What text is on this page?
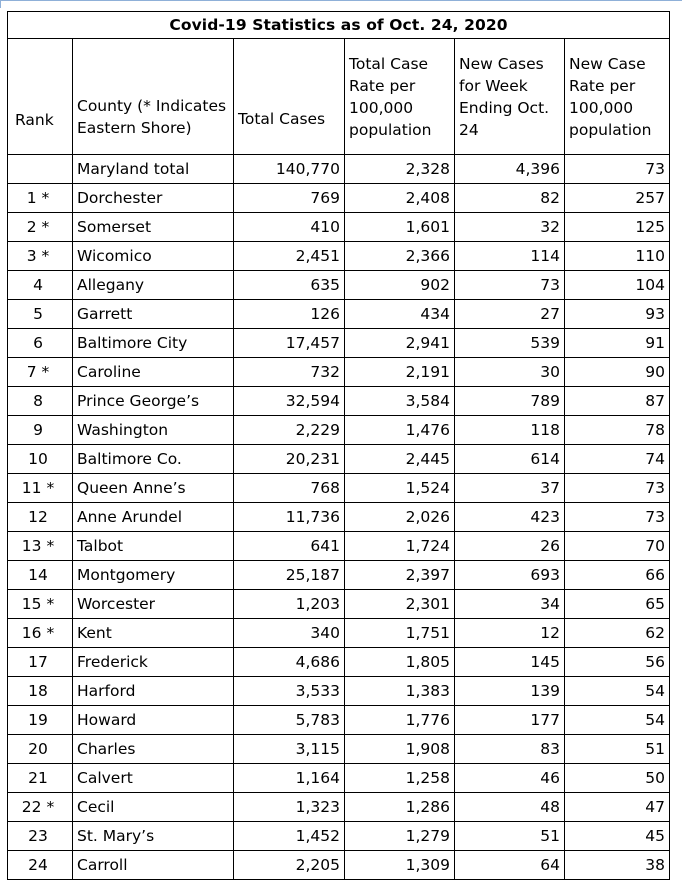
Covid-19 Statistics as of Oct. 24, 2020					
Rank	County (* Indicates Eastern Shore)	Total Cases	Total Case Rate per 100,000 population	New Cases for Week Ending Oct. 24	New Case Rate per 100,000 population
	Maryland total	140,770	2,328	4,396	73
1 *	Dorchester	769	2,408	82	257
2 *	Somerset	410	1,601	32	125
3 *	Wicomico	2,451	2,366	114	110
4	Allegany	635	902	73	104
5	Garrett	126	434	27	93
6	Baltimore City	17,457	2,941	539	91
7 *	Caroline	732	2,191	30	90
8	Prince George’s	32,594	3,584	789	87
9	Washington	2,229	1,476	118	78
10	Baltimore Co.	20,231	2,445	614	74
11 *	Queen Anne’s	768	1,524	37	73
12	Anne Arundel	11,736	2,026	423	73
13 *	Talbot	641	1,724	26	70
14	Montgomery	25,187	2,397	693	66
15 *	Worcester	1,203	2,301	34	65
16 *	Kent	340	1,751	12	62
17	Frederick	4,686	1,805	145	56
18	Harford	3,533	1,383	139	54
19	Howard	5,783	1,776	177	54
20	Charles	3,115	1,908	83	51
21	Calvert	1,164	1,258	46	50
22 *	Cecil	1,323	1,286	48	47
23	St. Mary’s	1,452	1,279	51	45
24	Carroll	2,205	1,309	64	38
